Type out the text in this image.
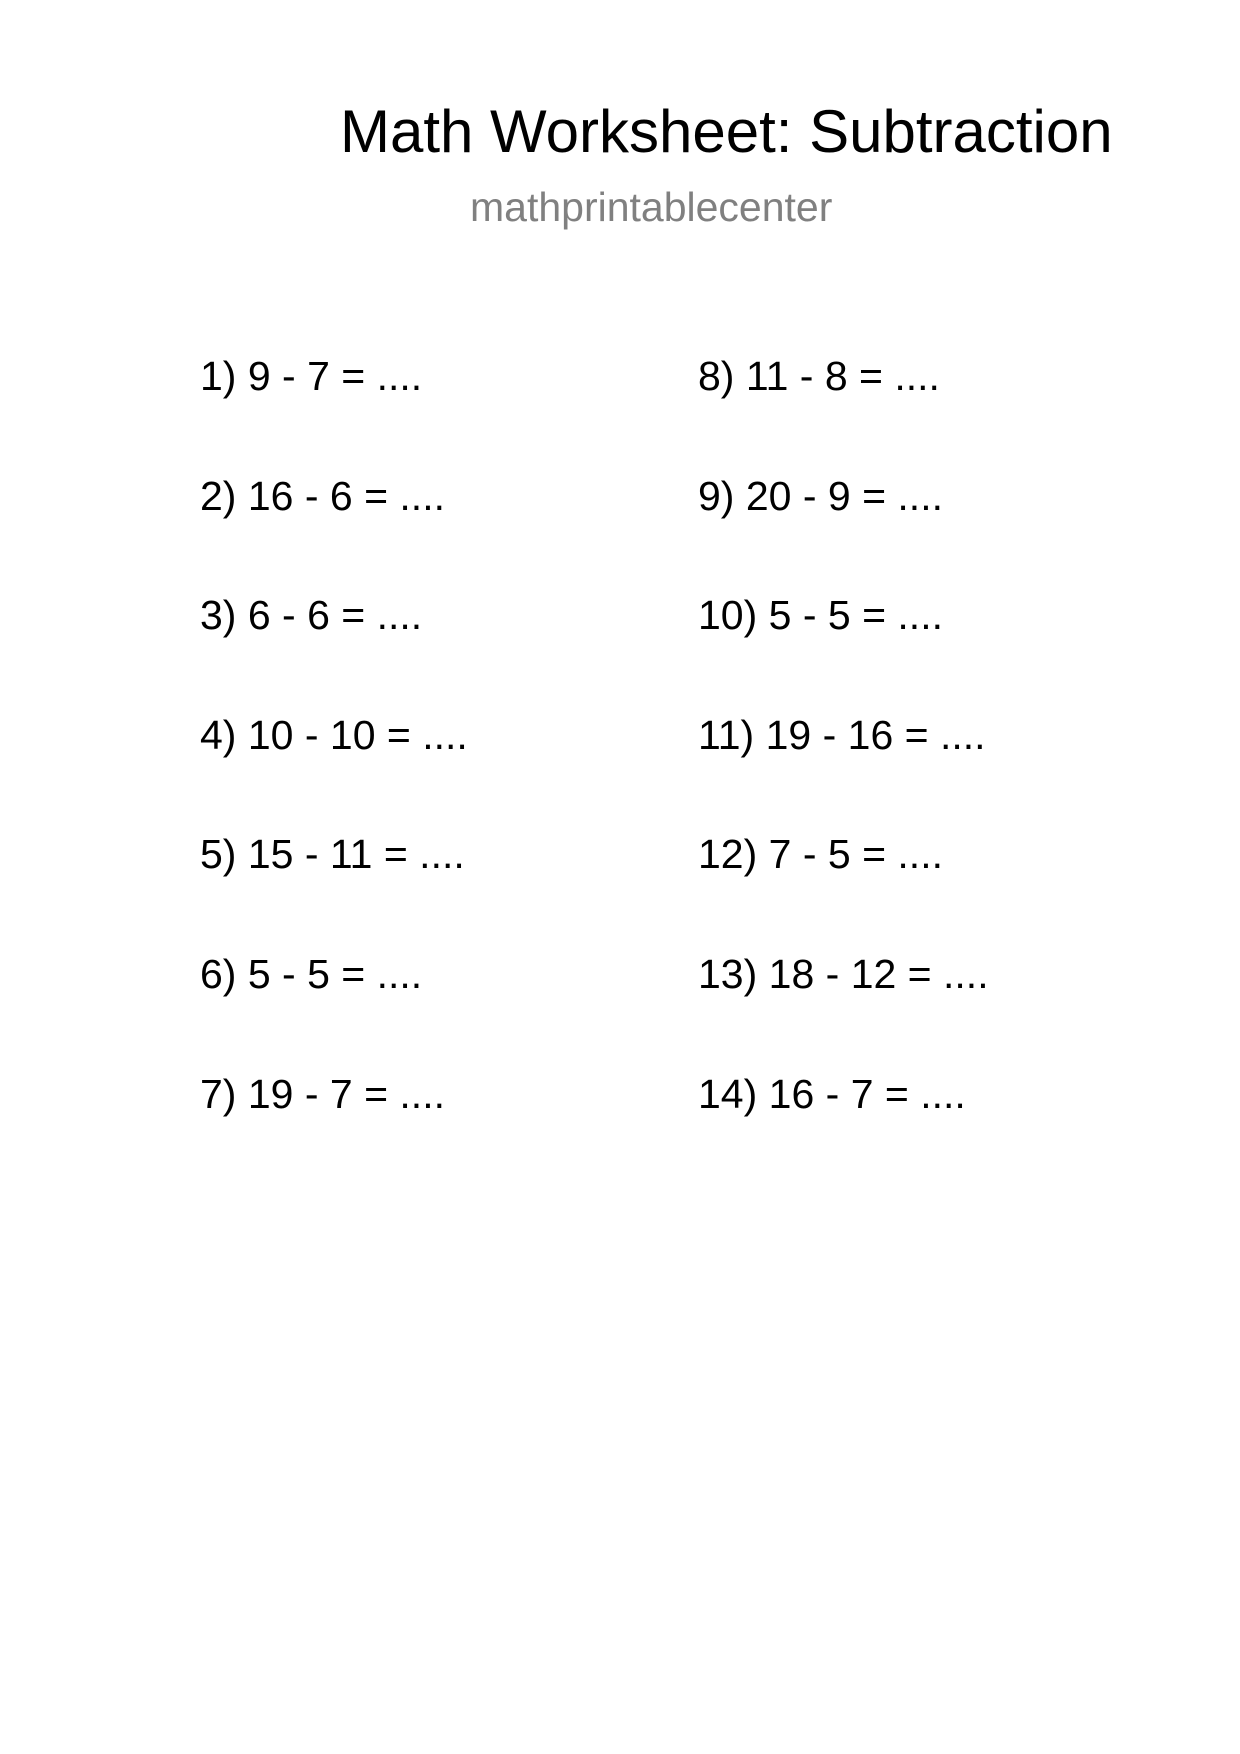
Math Worksheet: Subtraction
mathprintablecenter
1) 9 - 7 = ....
2) 16 - 6 = ....
3) 6 - 6 = ....
4) 10 - 10 = ....
5) 15 - 11 = ....
6) 5 - 5 = ....
7) 19 - 7 = ....
8) 11 - 8 = ....
9) 20 - 9 = ....
10) 5 - 5 = ....
11) 19 - 16 = ....
12) 7 - 5 = ....
13) 18 - 12 = ....
14) 16 - 7 = ....
